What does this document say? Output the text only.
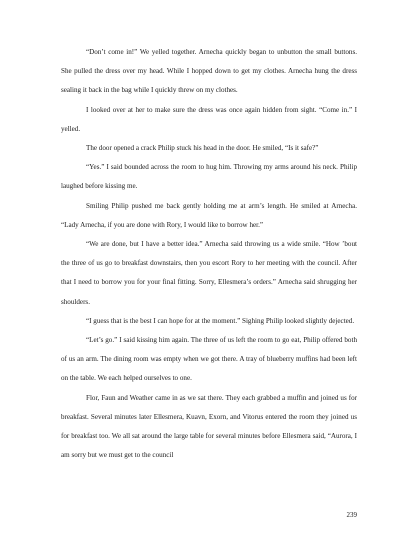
“Don’t come in!” We yelled together. Arnecha quickly began to unbutton the small buttons. She pulled the dress over my head. While I hopped down to get my clothes. Arnecha hung the dress sealing it back in the bag while I quickly threw on my clothes.

I looked over at her to make sure the dress was once again hidden from sight. “Come in.” I yelled.

The door opened a crack Philip stuck his head in the door. He smiled, “Is it safe?”

“Yes.” I said bounded across the room to hug him. Throwing my arms around his neck. Philip laughed before kissing me.

Smiling Philip pushed me back gently holding me at arm’s length. He smiled at Arnecha. “Lady Arnecha, if you are done with Rory, I would like to borrow her.”

“We are done, but I have a better idea.” Arnecha said throwing us a wide smile. “How ’bout the three of us go to breakfast downstairs, then you escort Rory to her meeting with the council. After that I need to borrow you for your final fitting. Sorry, Ellesmera’s orders.” Arnecha said shrugging her shoulders.

“I guess that is the best I can hope for at the moment.” Sighing Philip looked slightly dejected.

“Let’s go.” I said kissing him again. The three of us left the room to go eat, Philip offered both of us an arm. The dining room was empty when we got there. A tray of blueberry muffins had been left on the table. We each helped ourselves to one.

Flor, Faun and Weather came in as we sat there. They each grabbed a muffin and joined us for breakfast. Several minutes later Ellesmera, Kuavn, Exorn, and Vitorus entered the room they joined us for breakfast too. We all sat around the large table for several minutes before Ellesmera said, “Aurora, I am sorry but we must get to the council

239
